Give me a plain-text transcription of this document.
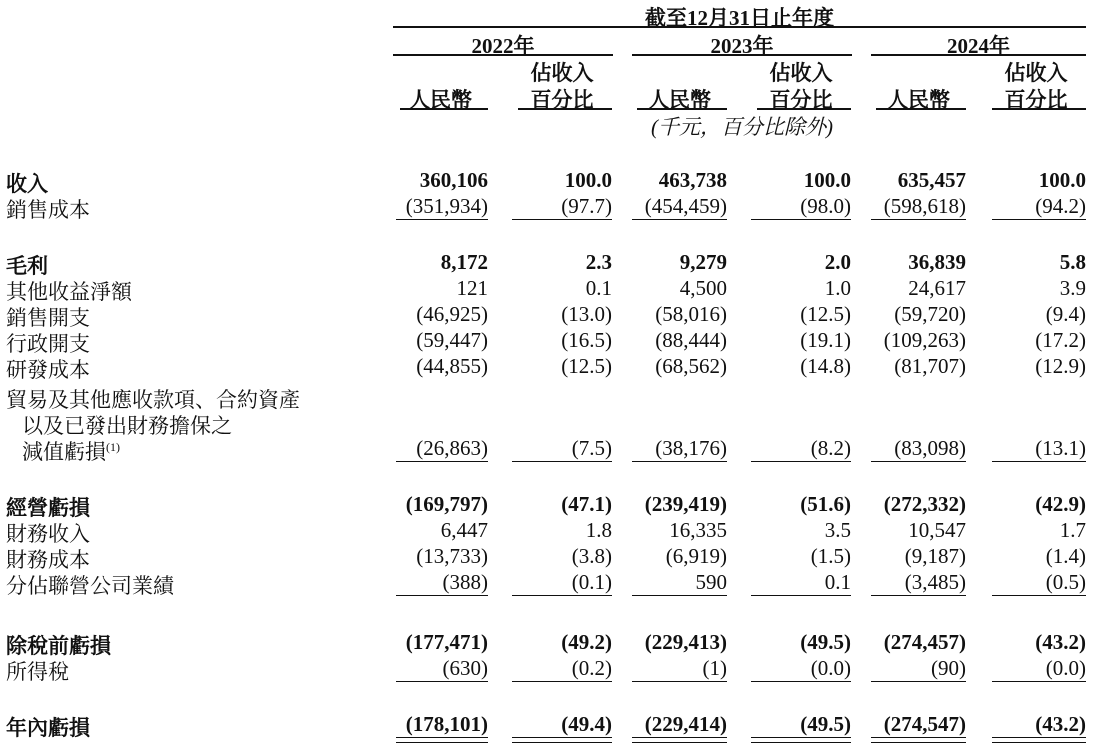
截至12月31日止年度
2022年	2023年	2024年
佔收入	佔收入	佔收入
人民幣	百分比	人民幣	百分比	人民幣	百分比
(千元，百分比除外)
收入	360,106	100.0	463,738	100.0	635,457	100.0
銷售成本	(351,934)	(97.7)	(454,459)	(98.0)	(598,618)	(94.2)
毛利	8,172	2.3	9,279	2.0	36,839	5.8
其他收益淨額	121	0.1	4,500	1.0	24,617	3.9
銷售開支	(46,925)	(13.0)	(58,016)	(12.5)	(59,720)	(9.4)
行政開支	(59,447)	(16.5)	(88,444)	(19.1)	(109,263)	(17.2)
研發成本	(44,855)	(12.5)	(68,562)	(14.8)	(81,707)	(12.9)
貿易及其他應收款項、合約資產
以及已發出財務擔保之
減值虧損$^{(1)}$	(26,863)	(7.5)	(38,176)	(8.2)	(83,098)	(13.1)
經營虧損	(169,797)	(47.1)	(239,419)	(51.6)	(272,332)	(42.9)
財務收入	6,447	1.8	16,335	3.5	10,547	1.7
財務成本	(13,733)	(3.8)	(6,919)	(1.5)	(9,187)	(1.4)
分佔聯營公司業績	(388)	(0.1)	590	0.1	(3,485)	(0.5)
除稅前虧損	(177,471)	(49.2)	(229,413)	(49.5)	(274,457)	(43.2)
所得稅	(630)	(0.2)	(1)	(0.0)	(90)	(0.0)
年內虧損	(178,101)	(49.4)	(229,414)	(49.5)	(274,547)	(43.2)
